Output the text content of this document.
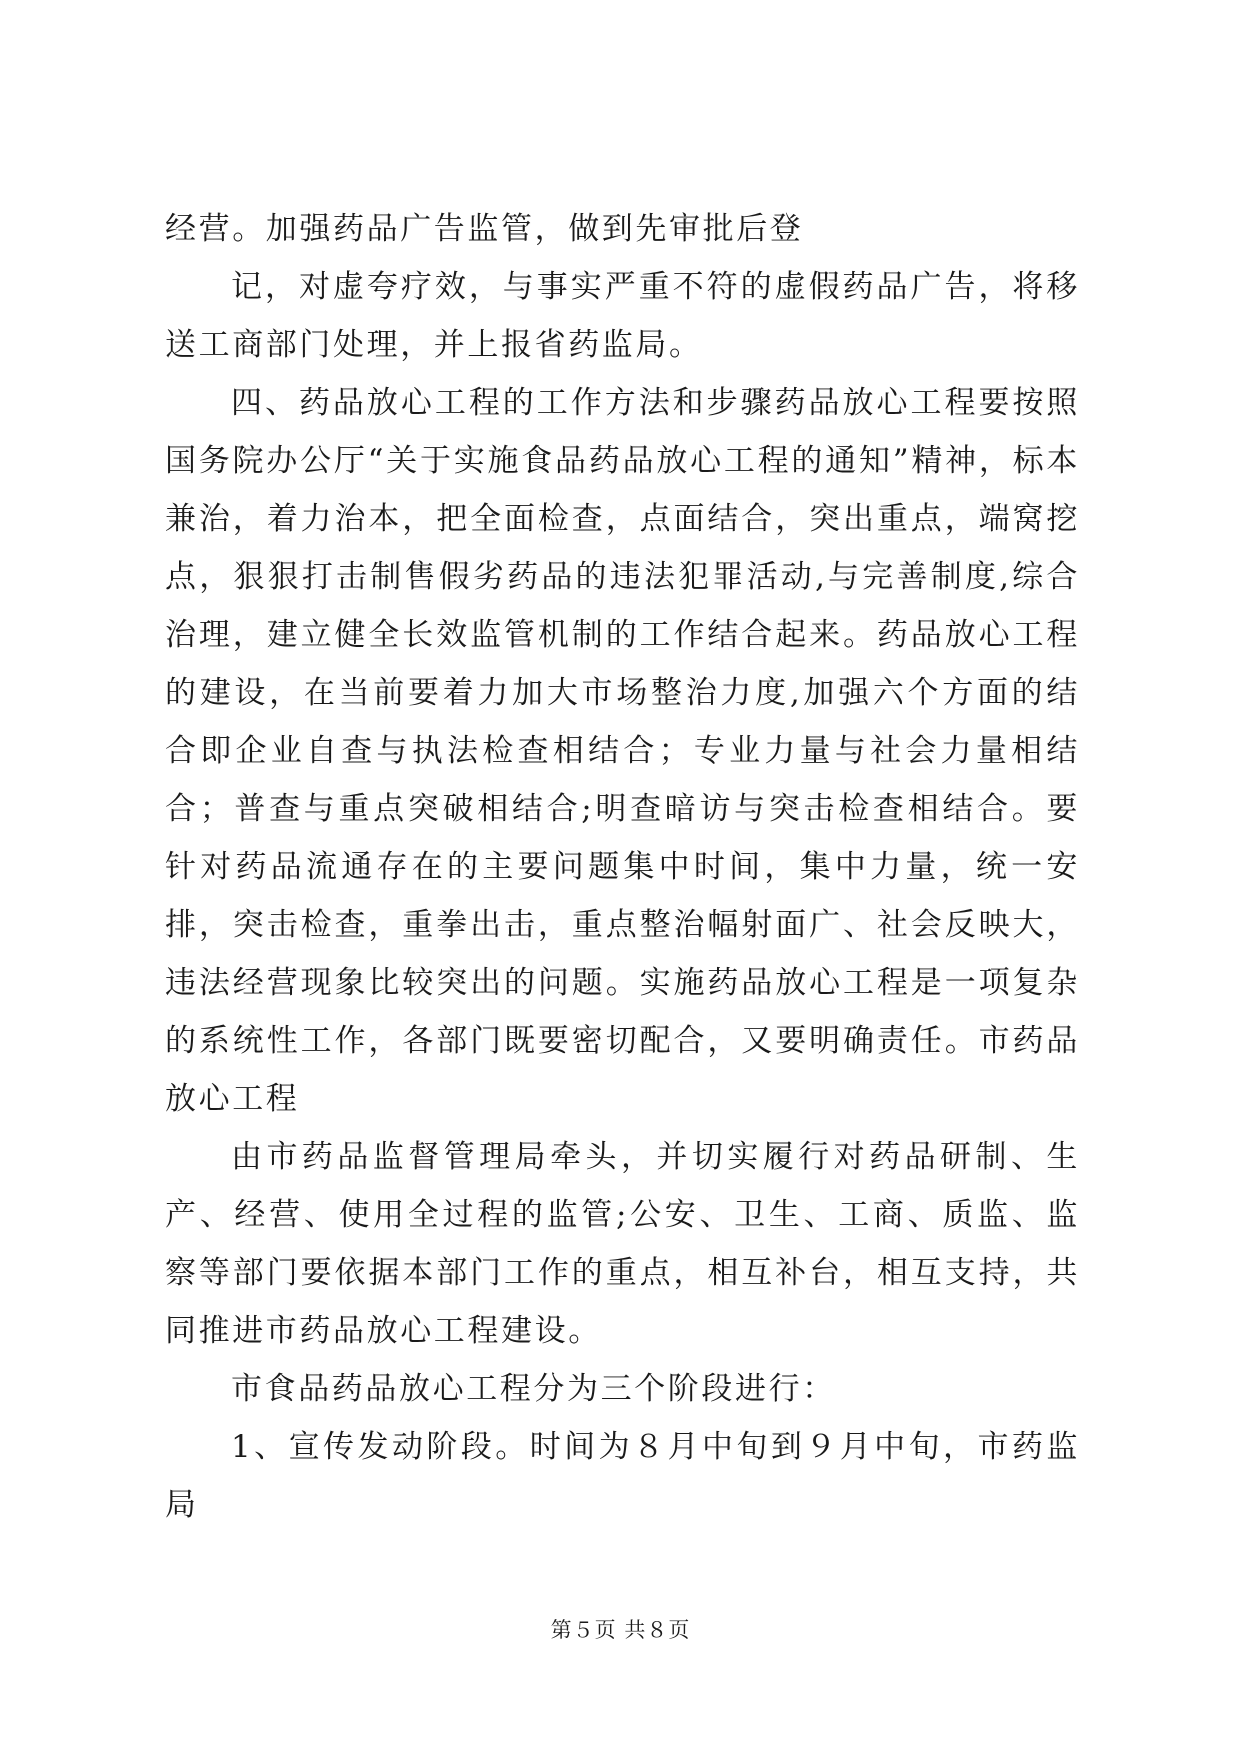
经营。加强药品广告监管，做到先审批后登

记，对虚夸疗效，与事实严重不符的虚假药品广告，将移送工商部门处理，并上报省药监局。

四、药品放心工程的工作方法和步骤药品放心工程要按照国务院办公厅“关于实施食品药品放心工程的通知”精神，标本兼治，着力治本，把全面检查，点面结合，突出重点，端窝挖点，狠狠打击制售假劣药品的违法犯罪活动,与完善制度,综合治理，建立健全长效监管机制的工作结合起来。药品放心工程的建设，在当前要着力加大市场整治力度,加强六个方面的结合即企业自查与执法检查相结合；专业力量与社会力量相结合；普查与重点突破相结合;明查暗访与突击检查相结合。要针对药品流通存在的主要问题集中时间，集中力量，统一安排，突击检查，重拳出击，重点整治幅射面广、社会反映大，违法经营现象比较突出的问题。实施药品放心工程是一项复杂的系统性工作，各部门既要密切配合，又要明确责任。市药品放心工程

由市药品监督管理局牵头，并切实履行对药品研制、生产、经营、使用全过程的监管;公安、卫生、工商、质监、监察等部门要依据本部门工作的重点，相互补台，相互支持，共同推进市药品放心工程建设。

市食品药品放心工程分为三个阶段进行：

1、宣传发动阶段。时间为８月中旬到９月中旬，市药监局

第５页 共８页
